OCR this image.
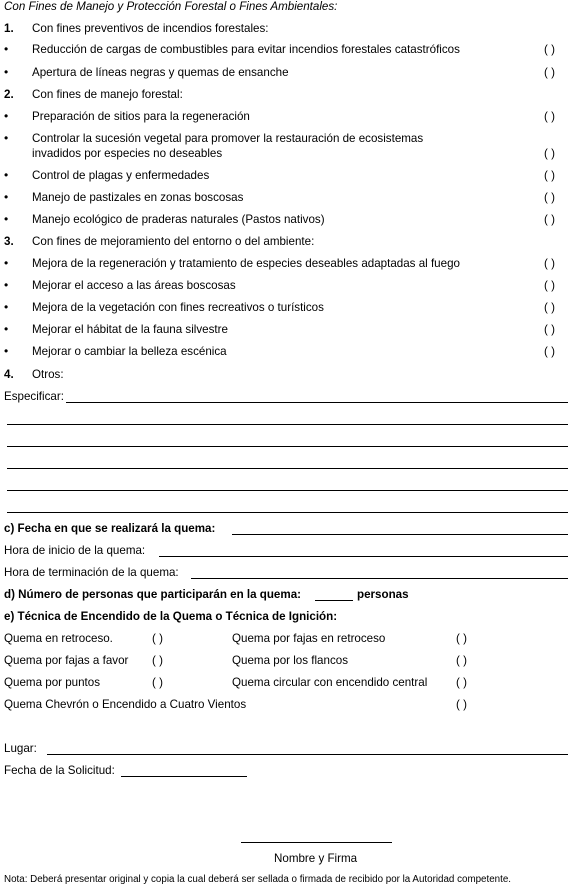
Con Fines de Manejo y Protección Forestal o Fines Ambientales:
1. Con fines preventivos de incendios forestales:
• Reducción de cargas de combustibles para evitar incendios forestales catastróficos	( )
• Apertura de líneas negras y quemas de ensanche	( )
2. Con fines de manejo forestal:
• Preparación de sitios para la regeneración	( )
• Controlar la sucesión vegetal para promover la restauración de ecosistemas
invadidos por especies no deseables	( )
• Control de plagas y enfermedades	( )
• Manejo de pastizales en zonas boscosas	( )
• Manejo ecológico de praderas naturales (Pastos nativos)	( )
3. Con fines de mejoramiento del entorno o del ambiente:
• Mejora de la regeneración y tratamiento de especies deseables adaptadas al fuego	( )
• Mejorar el acceso a las áreas boscosas	( )
• Mejora de la vegetación con fines recreativos o turísticos	( )
• Mejorar el hábitat de la fauna silvestre	( )
• Mejorar o cambiar la belleza escénica	( )
4. Otros:
Especificar:
c) Fecha en que se realizará la quema:
Hora de inicio de la quema:
Hora de terminación de la quema:
d) Número de personas que participarán en la quema:	personas
e) Técnica de Encendido de la Quema o Técnica de Ignición:
Quema en retroceso.	( )	Quema por fajas en retroceso	( )
Quema por fajas a favor ( )	Quema por los flancos	( )
Quema por puntos	( )	Quema circular con encendido central ( )
Quema Chevrón o Encendido a Cuatro Vientos	( )
Lugar:
Fecha de la Solicitud:
Nombre y Firma
Nota: Deberá presentar original y copia la cual deberá ser sellada o firmada de recibido por la Autoridad competente.
